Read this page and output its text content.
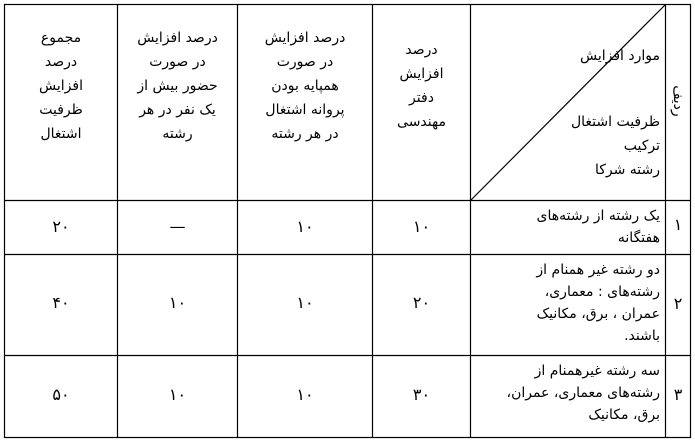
ردیف
موارد افزایش
ظرفیت اشتغال
ترکیب
رشته شرکا
درصد
افزایش
دفتر
مهندسی
درصد افزایش
در صورت
همپایه بودن
پروانه اشتغال
در هر رشته
درصد افزایش
در صورت
حضور بیش از
یک نفر در هر
رشته
مجموع
درصد
افزایش
ظرفیت
اشتغال
۱
یک رشته از رشته‌های
هفتگانه
۱۰
۱۰
—
۲۰
۲
دو رشته غیر همنام از
رشته‌های : معماری،
عمران ، برق، مکانیک
باشند.
۲۰
۱۰
۱۰
۴۰
۳
سه رشته غیرهمنام از
رشته‌های معماری، عمران،
برق، مکانیک
۳۰
۱۰
۱۰
۵۰
